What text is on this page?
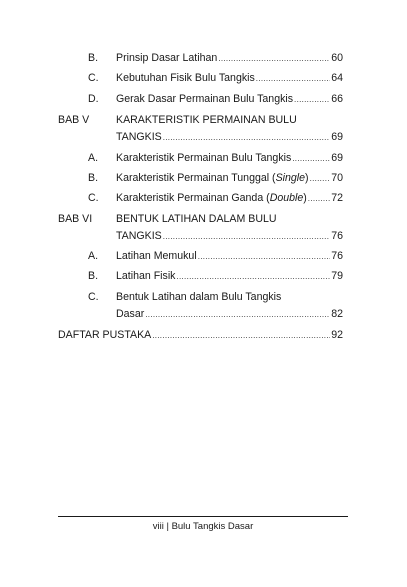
B. Prinsip Dasar Latihan .....	60
C. Kebutuhan Fisik Bulu Tangkis .....	64
D. Gerak Dasar Permainan Bulu Tangkis .....	66
BAB V	KARAKTERISTIK PERMAINAN BULU
TANGKIS .....	69
A. Karakteristik Permainan Bulu Tangkis .....	69
B. Karakteristik Permainan Tunggal (Single) ..... 70
C. Karakteristik Permainan Ganda (Double) ..... 72
BAB VI BENTUK LATIHAN DALAM BULU
TANGKIS .....	76
A. Latihan Memukul .....	76
B. Latihan Fisik .....	79
C. Bentuk Latihan dalam Bulu Tangkis
Dasar .....	82
DAFTAR PUSTAKA .....	92
viii | Bulu Tangkis Dasar
